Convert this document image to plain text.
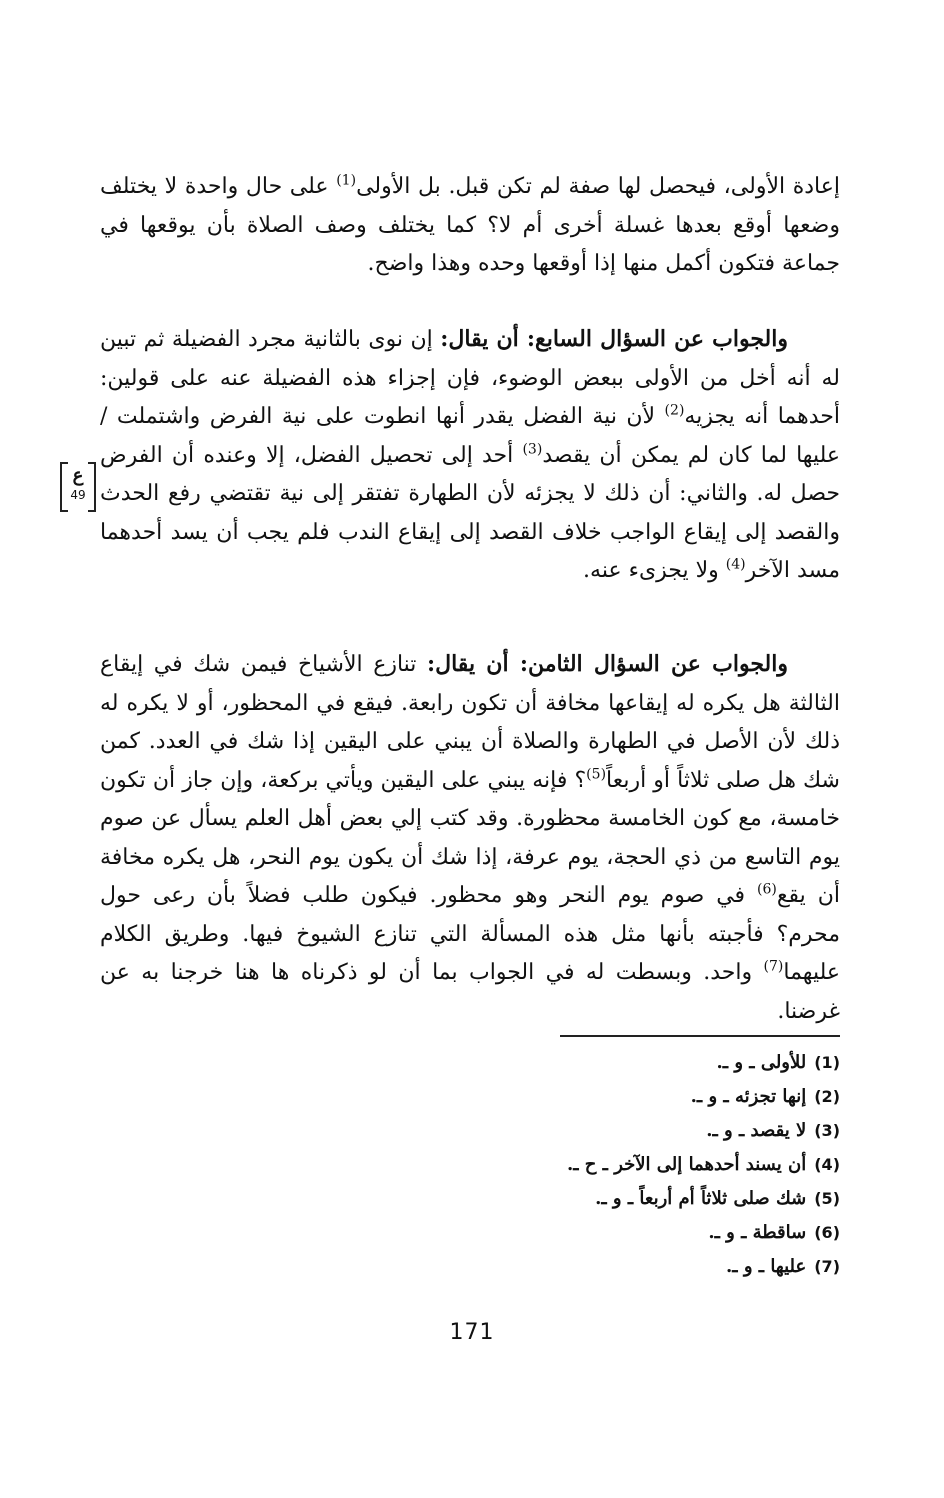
إعادة الأولى، فيحصل لها صفة لم تكن قبل. بل الأولى$^{(1)}$ على حال واحدة لا يختلف وضعها أوقع بعدها غسلة أخرى أم لا؟ كما يختلف وصف الصلاة بأن يوقعها في جماعة فتكون أكمل منها إذا أوقعها وحده وهذا واضح.

والجواب عن السؤال السابع: أن يقال: إن نوى بالثانية مجرد الفضيلة ثم تبين له أنه أخل من الأولى ببعض الوضوء، فإن إجزاء هذه الفضيلة عنه على قولين: أحدهما أنه يجزيه$^{(2)}$ لأن نية الفضل يقدر أنها انطوت على نية الفرض واشتملت / عليها لما كان لم يمكن أن يقصد$^{(3)}$ أحد إلى تحصيل الفضل، إلا وعنده أن الفرض حصل له. والثاني: أن ذلك لا يجزئه لأن الطهارة تفتقر إلى نية تقتضي رفع الحدث والقصد إلى إيقاع الواجب خلاف القصد إلى إيقاع الندب فلم يجب أن يسد أحدهما مسد الآخر$^{(4)}$ ولا يجزىء عنه.

ع
49

والجواب عن السؤال الثامن: أن يقال: تنازع الأشياخ فيمن شك في إيقاع الثالثة هل يكره له إيقاعها مخافة أن تكون رابعة. فيقع في المحظور، أو لا يكره له ذلك لأن الأصل في الطهارة والصلاة أن يبني على اليقين إذا شك في العدد. كمن شك هل صلى ثلاثاً أو أربعاً$^{(5)}$؟ فإنه يبني على اليقين ويأتي بركعة، وإن جاز أن تكون خامسة، مع كون الخامسة محظورة. وقد كتب إلي بعض أهل العلم يسأل عن صوم يوم التاسع من ذي الحجة، يوم عرفة، إذا شك أن يكون يوم النحر، هل يكره مخافة أن يقع$^{(6)}$ في صوم يوم النحر وهو محظور. فيكون طلب فضلاً بأن رعى حول محرم؟ فأجبته بأنها مثل هذه المسألة التي تنازع الشيوخ فيها. وطريق الكلام عليهما$^{(7)}$ واحد. وبسطت له في الجواب بما أن لو ذكرناه ها هنا خرجنا به عن غرضنا.

(1)للأولى ـ و ـ.
(2)إنها تجزئه ـ و ـ.
(3)لا يقصد ـ و ـ.
(4)أن يسند أحدهما إلى الآخر ـ ح ـ.
(5)شك صلى ثلاثاً أم أربعاً ـ و ـ.
(6)ساقطة ـ و ـ.
(7)عليها ـ و ـ.
171
